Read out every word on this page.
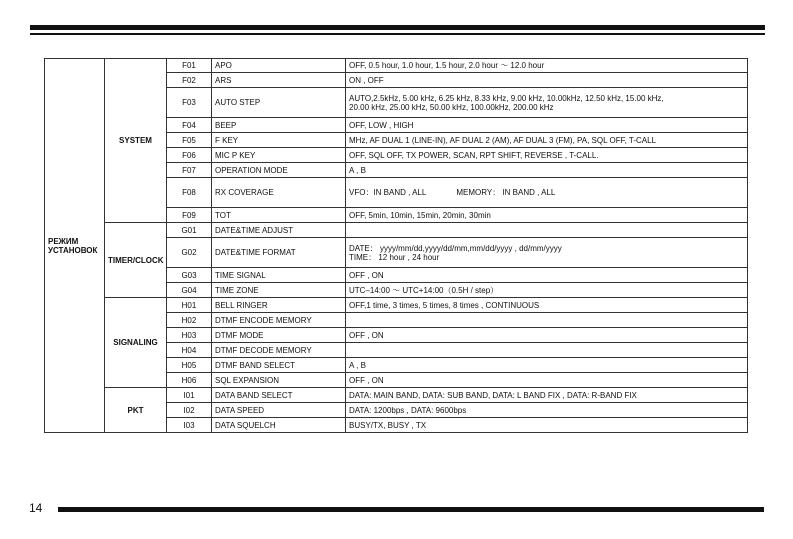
РЕЖИМ
УСТАНОВОК	SYSTEM	F01	APO	OFF, 0.5 hour, 1.0 hour, 1.5 hour, 2.0 hour ～ 12.0 hour
		F02	ARS	ON , OFF
		F03	AUTO STEP	AUTO,2.5kHz, 5.00 kHz, 6.25 kHz, 8.33 kHz, 9.00 kHz, 10.00kHz, 12.50 kHz, 15.00 kHz,
20.00 kHz, 25.00 kHz, 50.00 kHz, 100.00kHz, 200.00 kHz
		F04	BEEP	OFF, LOW , HIGH
		F05	F KEY	MHz, AF DUAL 1 (LINE-IN), AF DUAL 2 (AM), AF DUAL 3 (FM), PA, SQL OFF, T-CALL
		F06	MIC P KEY	OFF, SQL OFF, TX POWER, SCAN, RPT SHIFT, REVERSE , T-CALL.
		F07	OPERATION MODE	A , B
		F08	RX COVERAGE	VFO：IN BAND , ALL MEMORY： IN BAND , ALL
		F09	TOT	OFF, 5min, 10min, 15min, 20min, 30min
	TIMER/CLOCK	G01	DATE&TIME ADJUST	
		G02	DATE&TIME FORMAT	DATE： yyyy/mm/dd,yyyy/dd/mm,mm/dd/yyyy , dd/mm/yyyy
TIME： 12 hour , 24 hour
		G03	TIME SIGNAL	OFF , ON
		G04	TIME ZONE	UTC–14:00 ～ UTC+14:00（0.5H / step）
	SIGNALING	H01	BELL RINGER	OFF,1 time, 3 times, 5 times, 8 times , CONTINUOUS
		H02	DTMF ENCODE MEMORY	
		H03	DTMF MODE	OFF , ON
		H04	DTMF DECODE MEMORY	
		H05	DTMF BAND SELECT	A , B
		H06	SQL EXPANSION	OFF , ON
	PKT	I01	DATA BAND SELECT	DATA: MAIN BAND, DATA: SUB BAND, DATA: L BAND FIX , DATA: R-BAND FIX
		I02	DATA SPEED	DATA: 1200bps , DATA: 9600bps
		I03	DATA SQUELCH	BUSY/TX, BUSY , TX
14
